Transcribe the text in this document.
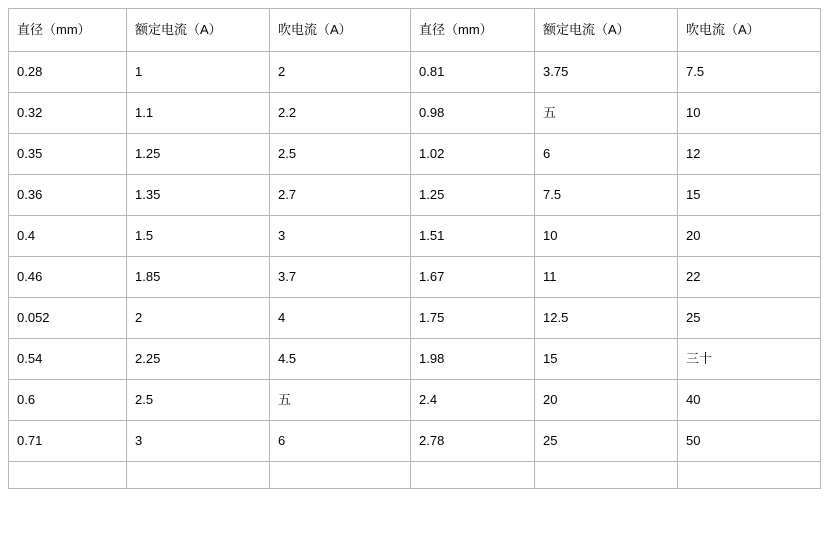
直径（mm）	额定电流（A）	吹电流（A）	直径（mm）	额定电流（A）	吹电流（A）
0.28	1	2	0.81	3.75	7.5
0.32	1.1	2.2	0.98	五	10
0.35	1.25	2.5	1.02	6	12
0.36	1.35	2.7	1.25	7.5	15
0.4	1.5	3	1.51	10	20
0.46	1.85	3.7	1.67	11	22
0.052	2	4	1.75	12.5	25
0.54	2.25	4.5	1.98	15	三十
0.6	2.5	五	2.4	20	40
0.71	3	6	2.78	25	50
